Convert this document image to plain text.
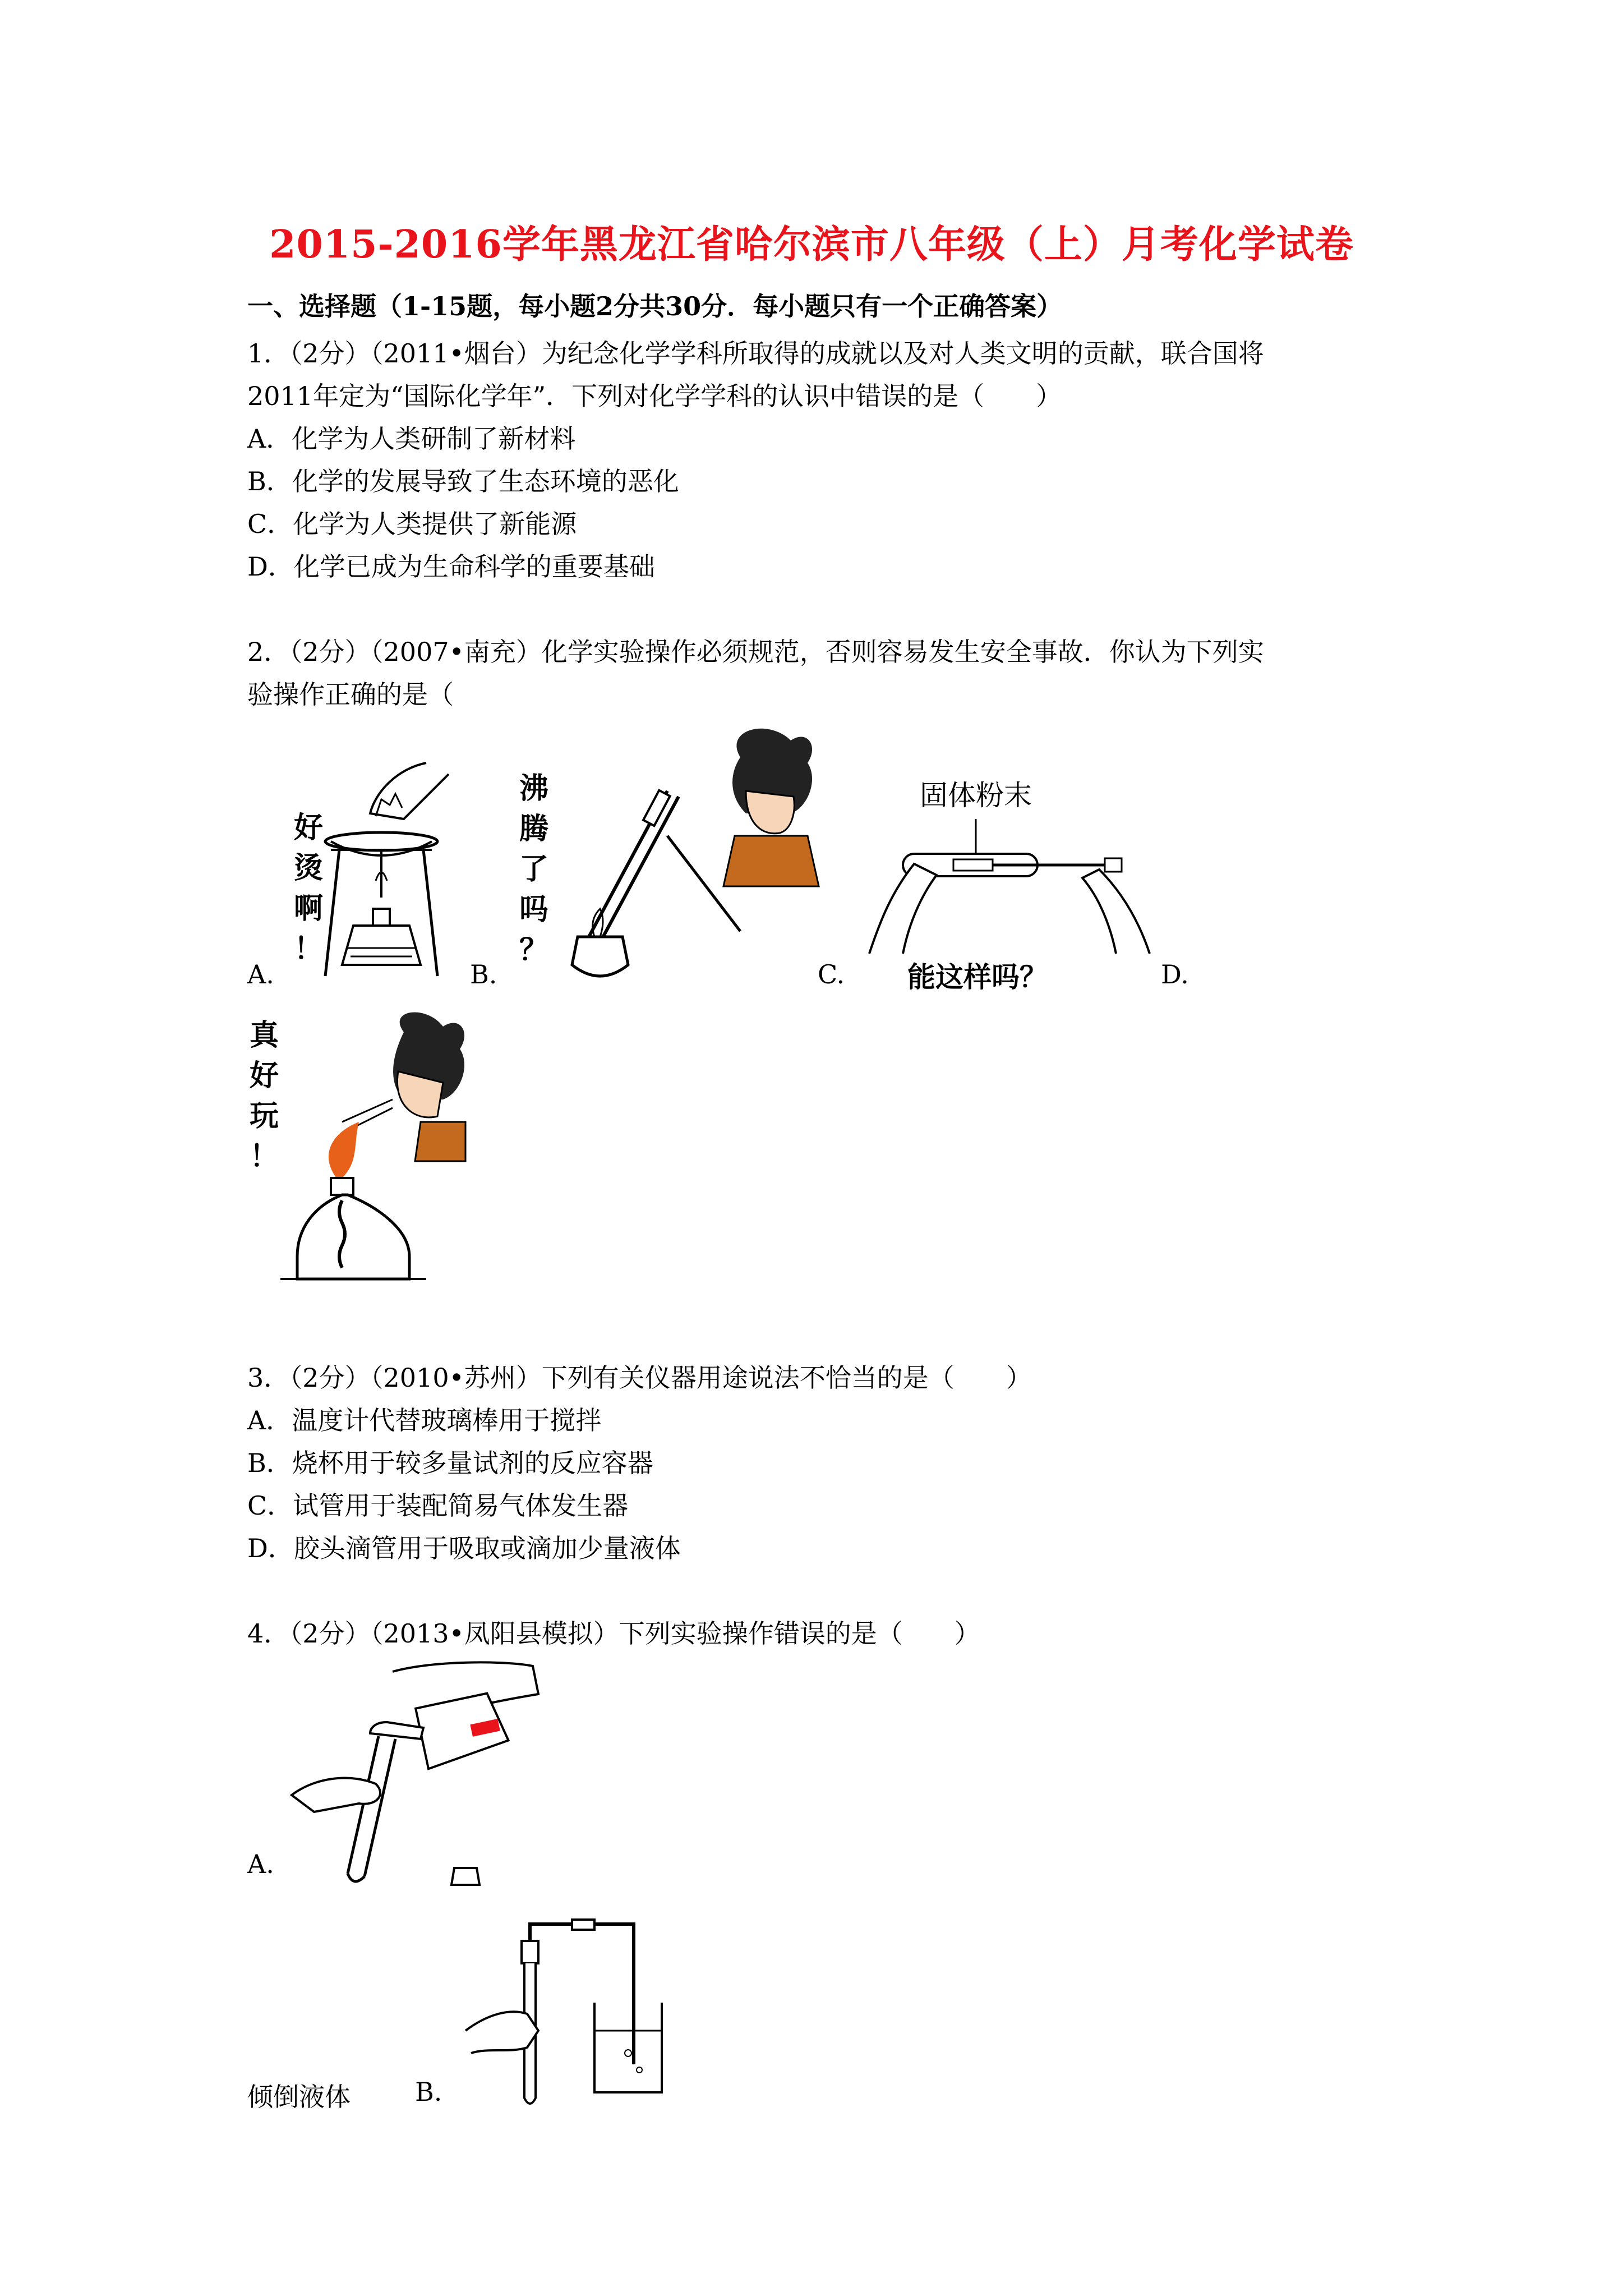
2015-2016学年黑龙江省哈尔滨市八年级（上）月考化学试卷
一、选择题（1-15题，每小题2分共30分．每小题只有一个正确答案）
1．（2分）（2011•烟台）为纪念化学学科所取得的成就以及对人类文明的贡献，联合国将
2011年定为“国际化学年”．下列对化学学科的认识中错误的是（　　）
A．化学为人类研制了新材料
B．化学的发展导致了生态环境的恶化
C．化学为人类提供了新能源
D．化学已成为生命科学的重要基础
2．（2分）（2007•南充）化学实验操作必须规范，否则容易发生安全事故．你认为下列实
验操作正确的是（
A.
好
烫
啊
！
B.
沸
腾
了
吗
？
C.
固体粉末
能这样吗？	D.
真
好
玩
！
3．（2分）（2010•苏州）下列有关仪器用途说法不恰当的是（　　）
A．温度计代替玻璃棒用于搅拌
B．烧杯用于较多量试剂的反应容器
C．试管用于装配简易气体发生器
D．胶头滴管用于吸取或滴加少量液体
4．（2分）（2013•凤阳县模拟）下列实验操作错误的是（　　）
A.
倾倒液体	B.
